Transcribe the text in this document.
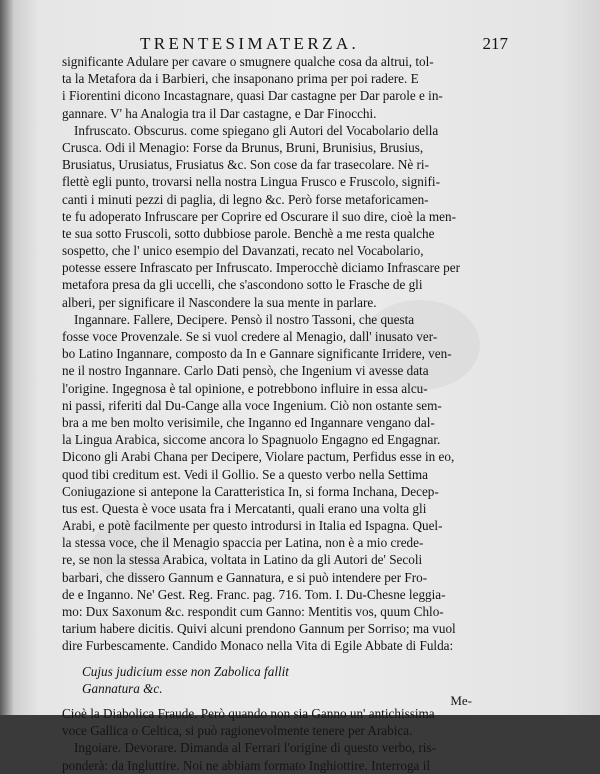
TRENTESIMATERZA.	217
significante Adulare per cavare o smugnere qualche cosa da altrui, tol-
ta la Metafora da i Barbieri, che insaponano prima per poi radere. E
i Fiorentini dicono Incastagnare, quasi Dar castagne per Dar parole e in-
gannare. V' ha Analogia tra il Dar castagne, e Dar Finocchi.
Infruscato. Obscurus. come spiegano gli Autori del Vocabolario della
Crusca. Odi il Menagio: Forse da Brunus, Bruni, Brunisius, Brusius,
Brusiatus, Urusiatus, Frusiatus &c. Son cose da far trasecolare. Nè ri-
flettè egli punto, trovarsi nella nostra Lingua Frusco e Fruscolo, signifi-
canti i minuti pezzi di paglia, di legno &c. Però forse metaforicamen-
te fu adoperato Infruscare per Coprire ed Oscurare il suo dire, cioè la men-
te sua sotto Fruscoli, sotto dubbiose parole. Benchè a me resta qualche
sospetto, che l' unico esempio del Davanzati, recato nel Vocabolario,
potesse essere Infrascato per Infruscato. Imperocchè diciamo Infrascare per
metafora presa da gli uccelli, che s'ascondono sotto le Frasche de gli
alberi, per significare il Nascondere la sua mente in parlare.
Ingannare. Fallere, Decipere. Pensò il nostro Tassoni, che questa
fosse voce Provenzale. Se si vuol credere al Menagio, dall' inusato ver-
bo Latino Ingannare, composto da In e Gannare significante Irridere, ven-
ne il nostro Ingannare. Carlo Dati pensò, che Ingenium vi avesse data
l'origine. Ingegnosa è tal opinione, e potrebbono influire in essa alcu-
ni passi, riferiti dal Du-Cange alla voce Ingenium. Ciò non ostante sem-
bra a me ben molto verisimile, che Inganno ed Ingannare vengano dal-
la Lingua Arabica, siccome ancora lo Spagnuolo Engagno ed Engagnar.
Dicono gli Arabi Chana per Decipere, Violare pactum, Perfidus esse in eo,
quod tibi creditum est. Vedi il Gollio. Se a questo verbo nella Settima
Coniugazione si antepone la Caratteristica In, si forma Inchana, Decep-
tus est. Questa è voce usata fra i Mercatanti, quali erano una volta gli
Arabi, e potè facilmente per questo introdursi in Italia ed Ispagna. Quel-
la stessa voce, che il Menagio spaccia per Latina, non è a mio crede-
re, se non la stessa Arabica, voltata in Latino da gli Autori de' Secoli
barbari, che dissero Gannum e Gannatura, e si può intendere per Fro-
de e Inganno. Ne' Gest. Reg. Franc. pag. 716. Tom. I. Du-Chesne leggia-
mo: Dux Saxonum &c. respondit cum Ganno: Mentitis vos, quum Chlo-
tarium habere dicitis. Quivi alcuni prendono Gannum per Sorriso; ma vuol
dire Furbescamente. Candido Monaco nella Vita di Egile Abbate di Fulda:
Cujus judicium esse non Zabolica fallit
Gannatura &c.
Cioè la Diabolica Fraude. Però quando non sia Ganno un' antichissima
voce Gallica o Celtica, si può ragionevolmente tenere per Arabica.
Ingoiare. Devorare. Dimanda al Ferrari l'origine di questo verbo, ris-
ponderà: da Ingluttire. Noi ne abbiam formato Inghiottire. Interroga il
Me-
